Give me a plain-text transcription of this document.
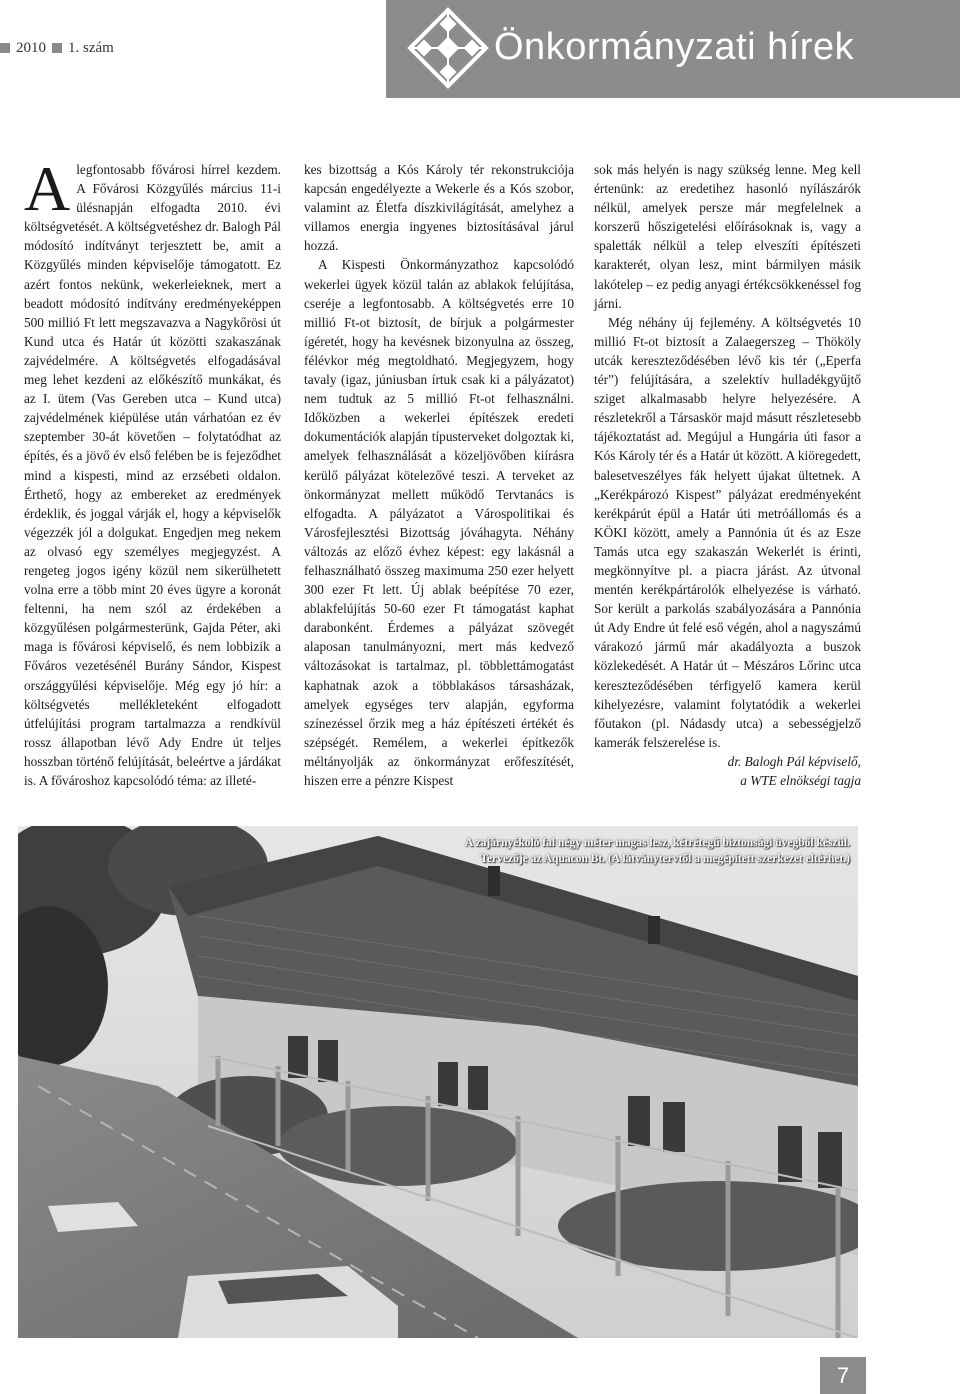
2010 1. szám	Önkormányzati hírek

A legfontosabb fővárosi hírrel kezdem. A Fővárosi Közgyűlés március 11-i ülésnapján elfogadta 2010. évi költségvetését. A költségvetéshez dr. Balogh Pál módosító indítványt terjesztett be, amit a Közgyűlés minden képviselője támogatott. Ez azért fontos nekünk, wekerleieknek, mert a beadott módosító indítvány eredményeképpen 500 millió Ft lett megszavazva a Nagykőrösi út Kund utca és Határ út közötti szakaszának zajvédelmére. A költségvetés elfogadásával meg lehet kezdeni az előkészítő munkákat, és az I. ütem (Vas Gereben utca – Kund utca) zajvédelmének kiépülése után várhatóan ez év szeptember 30-át követően – folytatódhat az építés, és a jövő év első felében be is fejeződhet mind a kispesti, mind az erzsébeti oldalon. Érthető, hogy az embereket az eredmények érdeklik, és joggal várják el, hogy a képviselők végezzék jól a dolgukat. Engedjen meg nekem az olvasó egy személyes megjegyzést. A rengeteg jogos igény közül nem sikerülhetett volna erre a több mint 20 éves ügyre a koronát feltenni, ha nem szól az érdekében a közgyűlésen polgármesterünk, Gajda Péter, aki maga is fővárosi képviselő, és nem lobbizik a Főváros vezetésénél Burány Sándor, Kispest országgyűlési képviselője. Még egy jó hír: a költségvetés mellékleteként elfogadott útfelújítási program tartalmazza a rendkívül rossz állapotban lévő Ady Endre út teljes hosszban történő felújítását, beleértve a járdákat is. A fővároshoz kapcsolódó téma: az illeté-

kes bizottság a Kós Károly tér rekonstrukciója kapcsán engedélyezte a Wekerle és a Kós szobor, valamint az Életfa díszkivilágítását, amelyhez a villamos energia ingyenes biztosításával járul hozzá.

A Kispesti Önkormányzathoz kapcsolódó wekerlei ügyek közül talán az ablakok felújítása, cseréje a legfontosabb. A költségvetés erre 10 millió Ft-ot biztosít, de bírjuk a polgármester ígéretét, hogy ha kevésnek bizonyulna az összeg, félévkor még megtoldható. Megjegyzem, hogy tavaly (igaz, júniusban írtuk csak ki a pályázatot) nem tudtuk az 5 millió Ft-ot felhasználni. Időközben a wekerlei építészek eredeti dokumentációk alapján típusterveket dolgoztak ki, amelyek felhasználását a közeljövőben kiírásra kerülő pályázat kötelezővé teszi. A terveket az önkormányzat mellett működő Tervtanács is elfogadta. A pályázatot a Várospolitikai és Városfejlesztési Bizottság jóváhagyta. Néhány változás az előző évhez képest: egy lakásnál a felhasználható összeg maximuma 250 ezer helyett 300 ezer Ft lett. Új ablak beépítése 70 ezer, ablakfelújítás 50-60 ezer Ft támogatást kaphat darabonként. Érdemes a pályázat szövegét alaposan tanulmányozni, mert más kedvező változásokat is tartalmaz, pl. többlettámogatást kaphatnak azok a többlakásos társasházak, amelyek egységes terv alapján, egyforma színezéssel őrzik meg a ház építészeti értékét és szépségét. Remélem, a wekerlei építkezők méltányolják az önkormányzat erőfeszítését, hiszen erre a pénzre Kispest

sok más helyén is nagy szükség lenne. Meg kell értenünk: az eredetihez hasonló nyílászárók nélkül, amelyek persze már megfelelnek a korszerű hőszigetelési előírásoknak is, vagy a spaletták nélkül a telep elveszíti építészeti karakterét, olyan lesz, mint bármilyen másik lakótelep – ez pedig anyagi értékcsökkenéssel fog járni.

Még néhány új fejlemény. A költségvetés 10 millió Ft-ot biztosít a Zalaegerszeg – Thököly utcák kereszteződésében lévő kis tér („Eperfa tér”) felújítására, a szelektív hulladékgyűjtő sziget alkalmasabb helyre helyezésére. A részletekről a Társaskör majd másutt részletesebb tájékoztatást ad. Megújul a Hungária úti fasor a Kós Károly tér és a Határ út között. A kiöregedett, balesetveszélyes fák helyett újakat ültetnek. A „Kerékpározó Kispest” pályázat eredményeként kerékpárút épül a Határ úti metróállomás és a KÖKI között, amely a Pannónia út és az Esze Tamás utca egy szakaszán Wekerlét is érinti, megkönnyítve pl. a piacra járást. Az útvonal mentén kerékpártárolók elhelyezése is várható. Sor került a parkolás szabályozására a Pannónia út Ady Endre út felé eső végén, ahol a nagyszámú várakozó jármű már akadályozta a buszok közlekedését. A Határ út – Mészáros Lőrinc utca kereszteződésében térfigyelő kamera kerül kihelyezésre, valamint folytatódik a wekerlei főutakon (pl. Nádasdy utca) a sebességjelző kamerák felszerelése is.

dr. Balogh Pál képviselő,
a WTE elnökségi tagja
A zajárnyékoló fal négy méter magas lesz, kétrétegű biztonsági üvegből készül.
Tervezője az Aquacon Bt. (A látványtervtől a megépített szerkezet eltérhet.)
7
